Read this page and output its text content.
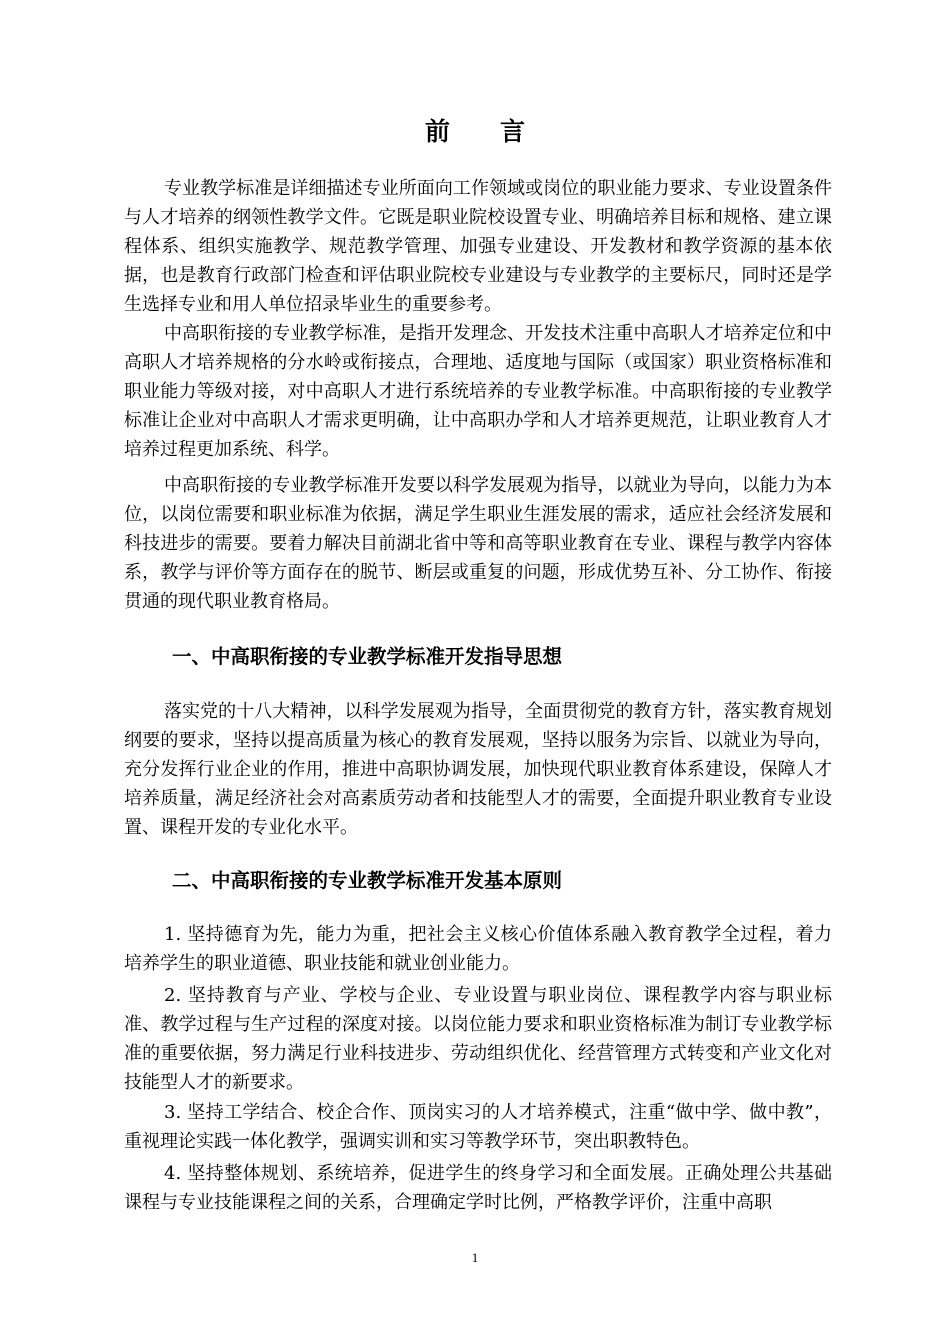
前言

专业教学标准是详细描述专业所面向工作领域或岗位的职业能力要求、专业设置条件与人才培养的纲领性教学文件。它既是职业院校设置专业、明确培养目标和规格、建立课程体系、组织实施教学、规范教学管理、加强专业建设、开发教材和教学资源的基本依据，也是教育行政部门检查和评估职业院校专业建设与专业教学的主要标尺，同时还是学生选择专业和用人单位招录毕业生的重要参考。

中高职衔接的专业教学标准，是指开发理念、开发技术注重中高职人才培养定位和中高职人才培养规格的分水岭或衔接点，合理地、适度地与国际（或国家）职业资格标准和职业能力等级对接，对中高职人才进行系统培养的专业教学标准。中高职衔接的专业教学标准让企业对中高职人才需求更明确，让中高职办学和人才培养更规范，让职业教育人才培养过程更加系统、科学。

中高职衔接的专业教学标准开发要以科学发展观为指导，以就业为导向，以能力为本位，以岗位需要和职业标准为依据，满足学生职业生涯发展的需求，适应社会经济发展和科技进步的需要。要着力解决目前湖北省中等和高等职业教育在专业、课程与教学内容体系，教学与评价等方面存在的脱节、断层或重复的问题，形成优势互补、分工协作、衔接贯通的现代职业教育格局。

一、中高职衔接的专业教学标准开发指导思想

落实党的十八大精神，以科学发展观为指导，全面贯彻党的教育方针，落实教育规划纲要的要求，坚持以提高质量为核心的教育发展观，坚持以服务为宗旨、以就业为导向，充分发挥行业企业的作用，推进中高职协调发展，加快现代职业教育体系建设，保障人才培养质量，满足经济社会对高素质劳动者和技能型人才的需要，全面提升职业教育专业设置、课程开发的专业化水平。

二、中高职衔接的专业教学标准开发基本原则

1. 坚持德育为先，能力为重，把社会主义核心价值体系融入教育教学全过程，着力培养学生的职业道德、职业技能和就业创业能力。

2. 坚持教育与产业、学校与企业、专业设置与职业岗位、课程教学内容与职业标准、教学过程与生产过程的深度对接。以岗位能力要求和职业资格标准为制订专业教学标准的重要依据，努力满足行业科技进步、劳动组织优化、经营管理方式转变和产业文化对技能型人才的新要求。

3. 坚持工学结合、校企合作、顶岗实习的人才培养模式，注重“做中学、做中教”，重视理论实践一体化教学，强调实训和实习等教学环节，突出职教特色。

4. 坚持整体规划、系统培养，促进学生的终身学习和全面发展。正确处理公共基础课程与专业技能课程之间的关系，合理确定学时比例，严格教学评价，注重中高职

1
